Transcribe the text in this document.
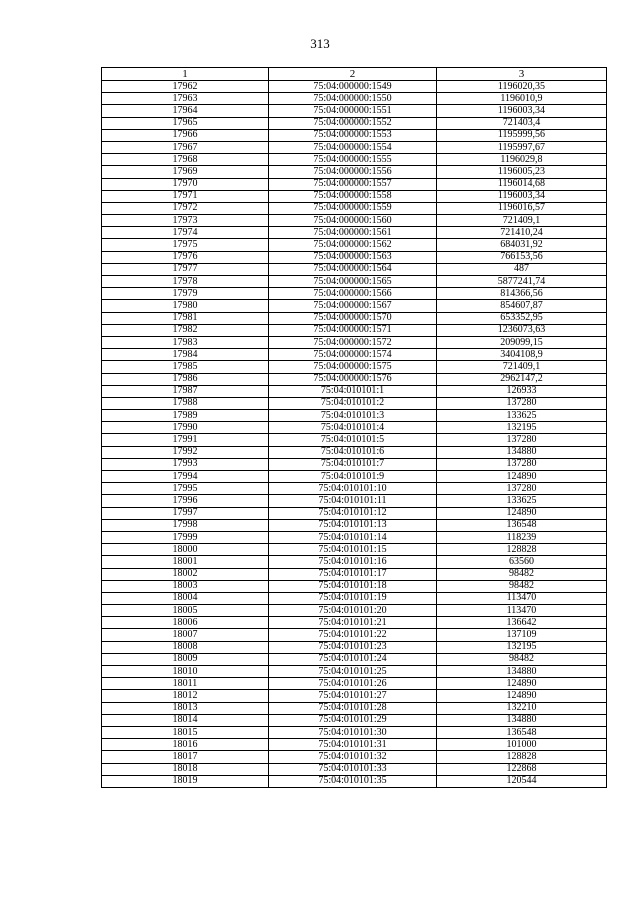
313
1	2	3
17962	75:04:000000:1549	1196020,35
17963	75:04:000000:1550	1196010,9
17964	75:04:000000:1551	1196003,34
17965	75:04:000000:1552	721403,4
17966	75:04:000000:1553	1195999,56
17967	75:04:000000:1554	1195997,67
17968	75:04:000000:1555	1196029,8
17969	75:04:000000:1556	1196005,23
17970	75:04:000000:1557	1196014,68
17971	75:04:000000:1558	1196003,34
17972	75:04:000000:1559	1196016,57
17973	75:04:000000:1560	721409,1
17974	75:04:000000:1561	721410,24
17975	75:04:000000:1562	684031,92
17976	75:04:000000:1563	766153,56
17977	75:04:000000:1564	487
17978	75:04:000000:1565	5877241,74
17979	75:04:000000:1566	814366,56
17980	75:04:000000:1567	854607,87
17981	75:04:000000:1570	653352,95
17982	75:04:000000:1571	1236073,63
17983	75:04:000000:1572	209099,15
17984	75:04:000000:1574	3404108,9
17985	75:04:000000:1575	721409,1
17986	75:04:000000:1576	2962147,2
17987	75:04:010101:1	126933
17988	75:04:010101:2	137280
17989	75:04:010101:3	133625
17990	75:04:010101:4	132195
17991	75:04:010101:5	137280
17992	75:04:010101:6	134880
17993	75:04:010101:7	137280
17994	75:04:010101:9	124890
17995	75:04:010101:10	137280
17996	75:04:010101:11	133625
17997	75:04:010101:12	124890
17998	75:04:010101:13	136548
17999	75:04:010101:14	118239
18000	75:04:010101:15	128828
18001	75:04:010101:16	63560
18002	75:04:010101:17	98482
18003	75:04:010101:18	98482
18004	75:04:010101:19	113470
18005	75:04:010101:20	113470
18006	75:04:010101:21	136642
18007	75:04:010101:22	137109
18008	75:04:010101:23	132195
18009	75:04:010101:24	98482
18010	75:04:010101:25	134880
18011	75:04:010101:26	124890
18012	75:04:010101:27	124890
18013	75:04:010101:28	132210
18014	75:04:010101:29	134880
18015	75:04:010101:30	136548
18016	75:04:010101:31	101000
18017	75:04:010101:32	128828
18018	75:04:010101:33	122868
18019	75:04:010101:35	120544
